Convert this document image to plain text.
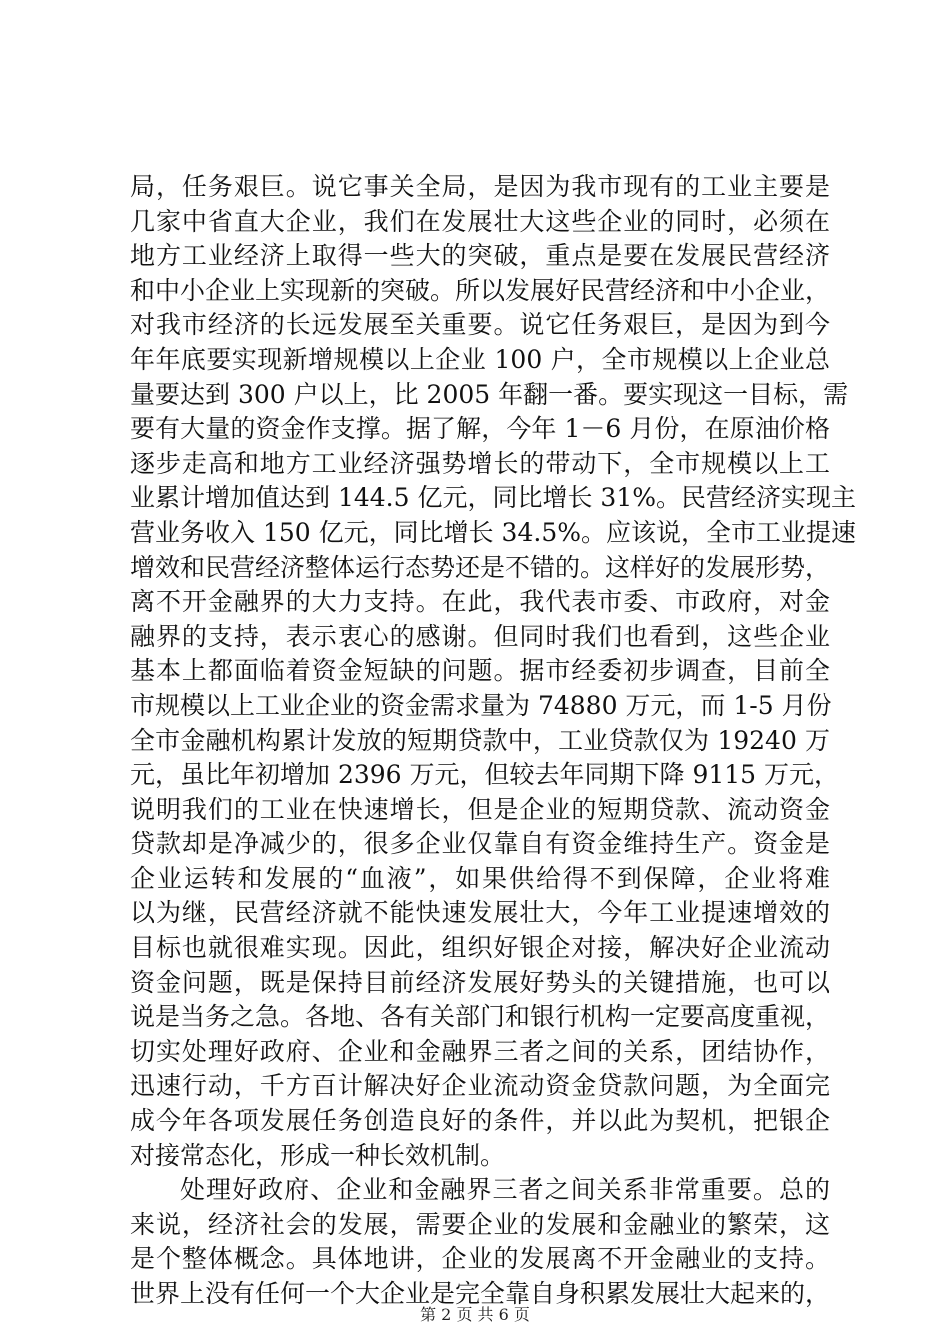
局，任务艰巨。说它事关全局，是因为我市现有的工业主要是
几家中省直大企业，我们在发展壮大这些企业的同时，必须在
地方工业经济上取得一些大的突破，重点是要在发展民营经济
和中小企业上实现新的突破。所以发展好民营经济和中小企业，
对我市经济的长远发展至关重要。说它任务艰巨，是因为到今
年年底要实现新增规模以上企业 100 户，全市规模以上企业总
量要达到 300 户以上，比 2005 年翻一番。要实现这一目标，需
要有大量的资金作支撑。据了解，今年 1－6 月份，在原油价格
逐步走高和地方工业经济强势增长的带动下，全市规模以上工
业累计增加值达到 144.5 亿元，同比增长 31%。民营经济实现主
营业务收入 150 亿元，同比增长 34.5%。应该说，全市工业提速
增效和民营经济整体运行态势还是不错的。这样好的发展形势，
离不开金融界的大力支持。在此，我代表市委、市政府，对金
融界的支持，表示衷心的感谢。但同时我们也看到，这些企业
基本上都面临着资金短缺的问题。据市经委初步调查，目前全
市规模以上工业企业的资金需求量为 74880 万元，而 1-5 月份
全市金融机构累计发放的短期贷款中，工业贷款仅为 19240 万
元，虽比年初增加 2396 万元，但较去年同期下降 9115 万元，
说明我们的工业在快速增长，但是企业的短期贷款、流动资金
贷款却是净减少的，很多企业仅靠自有资金维持生产。资金是
企业运转和发展的“血液”，如果供给得不到保障，企业将难
以为继，民营经济就不能快速发展壮大，今年工业提速增效的
目标也就很难实现。因此，组织好银企对接，解决好企业流动
资金问题，既是保持目前经济发展好势头的关键措施，也可以
说是当务之急。各地、各有关部门和银行机构一定要高度重视，
切实处理好政府、企业和金融界三者之间的关系，团结协作，
迅速行动，千方百计解决好企业流动资金贷款问题，为全面完
成今年各项发展任务创造良好的条件，并以此为契机，把银企
对接常态化，形成一种长效机制。
处理好政府、企业和金融界三者之间关系非常重要。总的
来说，经济社会的发展，需要企业的发展和金融业的繁荣，这
是个整体概念。具体地讲，企业的发展离不开金融业的支持。
世界上没有任何一个大企业是完全靠自身积累发展壮大起来的，
第 2 页 共 6 页
